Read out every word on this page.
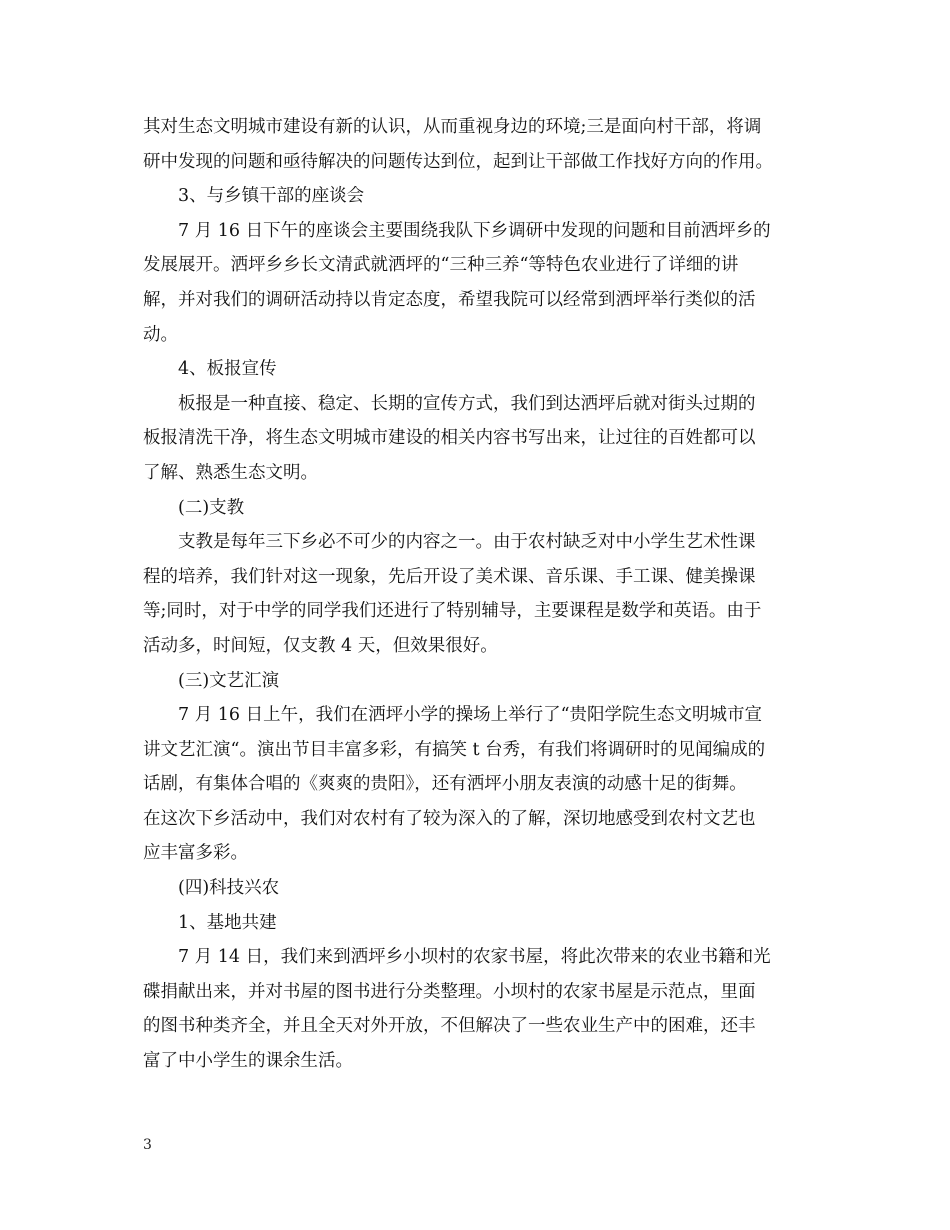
其对生态文明城市建设有新的认识，从而重视身边的环境;三是面向村干部，将调

研中发现的问题和亟待解决的问题传达到位，起到让干部做工作找好方向的作用。

3、与乡镇干部的座谈会

7 月 16 日下午的座谈会主要围绕我队下乡调研中发现的问题和目前洒坪乡的

发展展开。洒坪乡乡长文清武就洒坪的“三种三养“等特色农业进行了详细的讲

解，并对我们的调研活动持以肯定态度，希望我院可以经常到洒坪举行类似的活

动。

4、板报宣传

板报是一种直接、稳定、长期的宣传方式，我们到达洒坪后就对街头过期的

板报清洗干净，将生态文明城市建设的相关内容书写出来，让过往的百姓都可以

了解、熟悉生态文明。

(二)支教

支教是每年三下乡必不可少的内容之一。由于农村缺乏对中小学生艺术性课

程的培养，我们针对这一现象，先后开设了美术课、音乐课、手工课、健美操课

等;同时，对于中学的同学我们还进行了特别辅导，主要课程是数学和英语。由于

活动多，时间短，仅支教 4 天，但效果很好。

(三)文艺汇演

7 月 16 日上午，我们在洒坪小学的操场上举行了“贵阳学院生态文明城市宣

讲文艺汇演“。演出节目丰富多彩，有搞笑 t 台秀，有我们将调研时的见闻编成的

话剧，有集体合唱的《爽爽的贵阳》，还有洒坪小朋友表演的动感十足的街舞。

在这次下乡活动中，我们对农村有了较为深入的了解，深切地感受到农村文艺也

应丰富多彩。

(四)科技兴农

1、基地共建

7 月 14 日，我们来到洒坪乡小坝村的农家书屋，将此次带来的农业书籍和光

碟捐献出来，并对书屋的图书进行分类整理。小坝村的农家书屋是示范点，里面

的图书种类齐全，并且全天对外开放，不但解决了一些农业生产中的困难，还丰

富了中小学生的课余生活。

3
